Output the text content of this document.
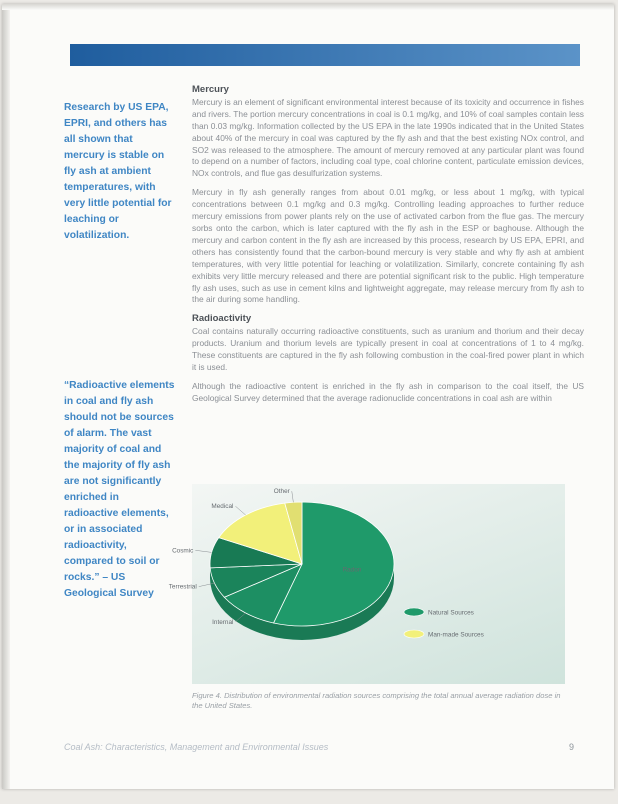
Research by US EPA, EPRI, and others has all shown that mercury is stable on fly ash at ambient temperatures, with very little potential for leaching or volatilization.
“Radioactive elements in coal and fly ash should not be sources of alarm. The vast majority of coal and the majority of fly ash are not significantly enriched in radioactive elements, or in associated radioactivity, compared to soil or rocks.” – US Geological Survey
Mercury

Mercury is an element of significant environmental interest because of its toxicity and occurrence in fishes and rivers. The portion mercury concentrations in coal is 0.1 mg/kg, and 10% of coal samples contain less than 0.03 mg/kg. Information collected by the US EPA in the late 1990s indicated that in the United States about 40% of the mercury in coal was captured by the fly ash and that the best existing NOx control, and SO2 was released to the atmosphere. The amount of mercury removed at any particular plant was found to depend on a number of factors, including coal type, coal chlorine content, particulate emission devices, NOx controls, and flue gas desulfurization systems.

Mercury in fly ash generally ranges from about 0.01 mg/kg, or less about 1 mg/kg, with typical concentrations between 0.1 mg/kg and 0.3 mg/kg. Controlling leading approaches to further reduce mercury emissions from power plants rely on the use of activated carbon from the flue gas. The mercury sorbs onto the carbon, which is later captured with the fly ash in the ESP or baghouse. Although the mercury and carbon content in the fly ash are increased by this process, research by US EPA, EPRI, and others has consistently found that the carbon-bound mercury is very stable and why fly ash at ambient temperatures, with very little potential for leaching or volatilization. Similarly, concrete containing fly ash exhibits very little mercury released and there are potential significant risk to the public. High temperature fly ash uses, such as use in cement kilns and lightweight aggregate, may release mercury from fly ash to the air during some handling.

Radioactivity

Coal contains naturally occurring radioactive constituents, such as uranium and thorium and their decay products. Uranium and thorium levels are typically present in coal at concentrations of 1 to 4 mg/kg. These constituents are captured in the fly ash following combustion in the coal-fired power plant in which it is used.

Although the radioactive content is enriched in the fly ash in comparison to the coal itself, the US Geological Survey determined that the average radionuclide concentrations in coal ash are within

Radon
Internal
Terrestrial
Cosmic
Medical
Other
Natural Sources
Man-made Sources
Figure 4. Distribution of environmental radiation sources comprising the total annual average radiation dose in the United States.
Coal Ash: Characteristics, Management and Environmental Issues	9
